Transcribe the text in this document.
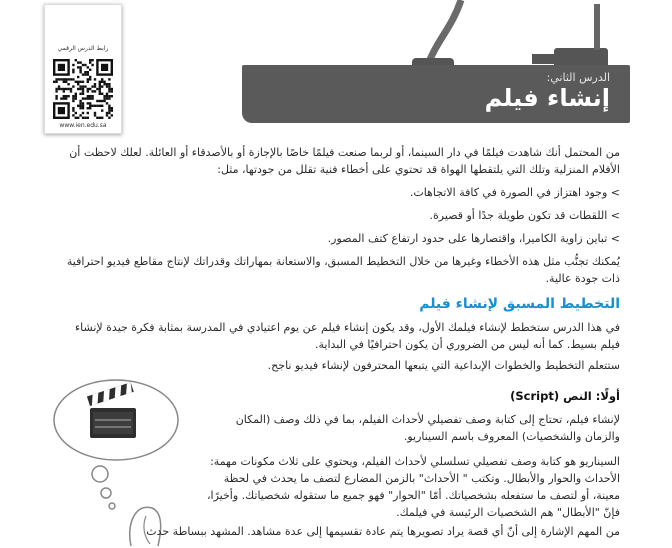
رابط الدرس الرقمي
www.ien.edu.sa
الدرس الثاني:
إنشاء فيلم
من المحتمل أنك شاهدت فيلمًا في دار السينما، أو لربما صنعت فيلمًا خاصًا بالإجازة أو بالأصدقاء أو العائلة. لعلك لاحظت أن الأفلام المنزلية وتلك التي يلتقطها الهواة قد تحتوي على أخطاء فنية تقلل من جودتها، مثل:
> وجود اهتزاز في الصورة في كافة الاتجاهات.
> اللقطات قد تكون طويلة جدًا أو قصيرة.
> تباين زاوية الكاميرا، واقتصارها على حدود ارتفاع كتف المصور.
يُمكنك تجنُّب مثل هذه الأخطاء وغيرها من خلال التخطيط المسبق، والاستعانة بمهاراتك وقدراتك لإنتاج مقاطع فيديو احترافية ذات جودة عالية.
التخطيط المسبق لإنشاء فيلم
في هذا الدرس ستخطط لإنشاء فيلمك الأول، وقد يكون إنشاء فيلم عن يوم اعتيادي في المدرسة بمثابة فكرة جيدة لإنشاء فيلم بسيط. كما أنه ليس من الضروري أن يكون احترافيًا في البداية.
ستتعلم التخطيط والخطوات الإبداعية التي يتبعها المحترفون لإنشاء فيديو ناجح.
أولًا: النص (Script)
لإنشاء فيلم، تحتاج إلى كتابة وصف تفصيلي لأحداث الفيلم، بما في ذلك وصف (المكان والزمان والشخصيات) المعروف باسم السيناريو.
السيناريو هو كتابة وصف تفصيلي تسلسلي لأحداث الفيلم، ويحتوي على ثلاث مكونات مهمة: الأحداث والحوار والأبطال. وتكتب " الأحداث" بالزمن المضارع لتصف ما يحدث في لحظة معينة، أو لتصف ما ستفعله بشخصياتك. أمّا "الحوار" فهو جميع ما ستقوله شخصياتك. وأخيرًا، فإنّ "الأبطال" هم الشخصيات الرئيسة في فيلمك.
من المهم الإشارة إلى أنّ أي قصة يراد تصويرها يتم عادة تقسيمها إلى عدة مشاهد. المشهد ببساطة حدث
